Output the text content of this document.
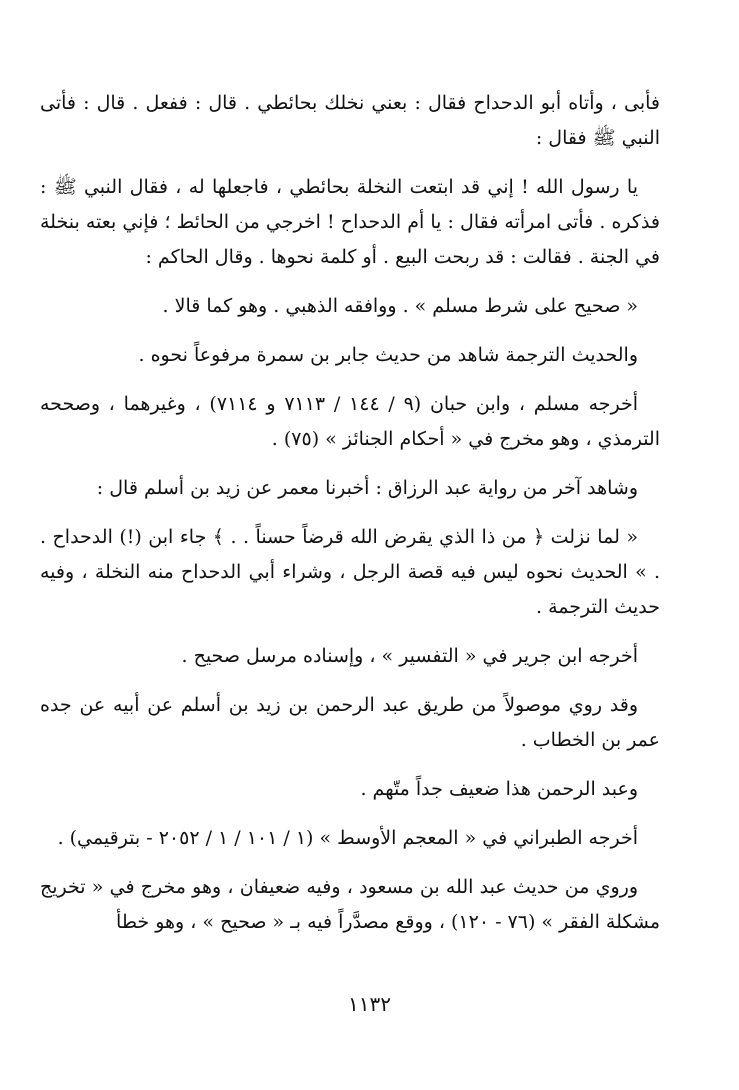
فأبى ، وأتاه أبو الدحداح فقال : بعني نخلك بحائطي . قال : ففعل . قال : فأتى النبي ﷺ فقال :

يا رسول الله ! إني قد ابتعت النخلة بحائطي ، فاجعلها له ، فقال النبي ﷺ : فذكره . فأتى امرأته فقال : يا أم الدحداح ! اخرجي من الحائط ؛ فإني بعته بنخلة في الجنة . فقالت : قد ربحت البيع . أو كلمة نحوها . وقال الحاكم :

« صحيح على شرط مسلم » . ووافقه الذهبي . وهو كما قالا .

والحديث الترجمة شاهد من حديث جابر بن سمرة مرفوعاً نحوه .

أخرجه مسلم ، وابن حبان (٩ / ١٤٤ / ٧١١٣ و ٧١١٤) ، وغيرهما ، وصححه الترمذي ، وهو مخرج في « أحكام الجنائز » (٧٥) .

وشاهد آخر من رواية عبد الرزاق : أخبرنا معمر عن زيد بن أسلم قال :

« لما نزلت ﴿ من ذا الذي يقرض الله قرضاً حسناً . . ﴾ جاء ابن (!) الدحداح . . » الحديث نحوه ليس فيه قصة الرجل ، وشراء أبي الدحداح منه النخلة ، وفيه حديث الترجمة .

أخرجه ابن جرير في « التفسير » ، وإسناده مرسل صحيح .

وقد روي موصولاً من طريق عبد الرحمن بن زيد بن أسلم عن أبيه عن جده عمر بن الخطاب .

وعبد الرحمن هذا ضعيف جداً متّهم .

أخرجه الطبراني في « المعجم الأوسط » (١ / ١٠١ / ١ / ٢٠٥٢ - بترقيمي) .

وروي من حديث عبد الله بن مسعود ، وفيه ضعيفان ، وهو مخرج في « تخريج مشكلة الفقر » (٧٦ - ١٢٠) ، ووقع مصدَّراً فيه بـ « صحيح » ، وهو خطأ

١١٣٢
